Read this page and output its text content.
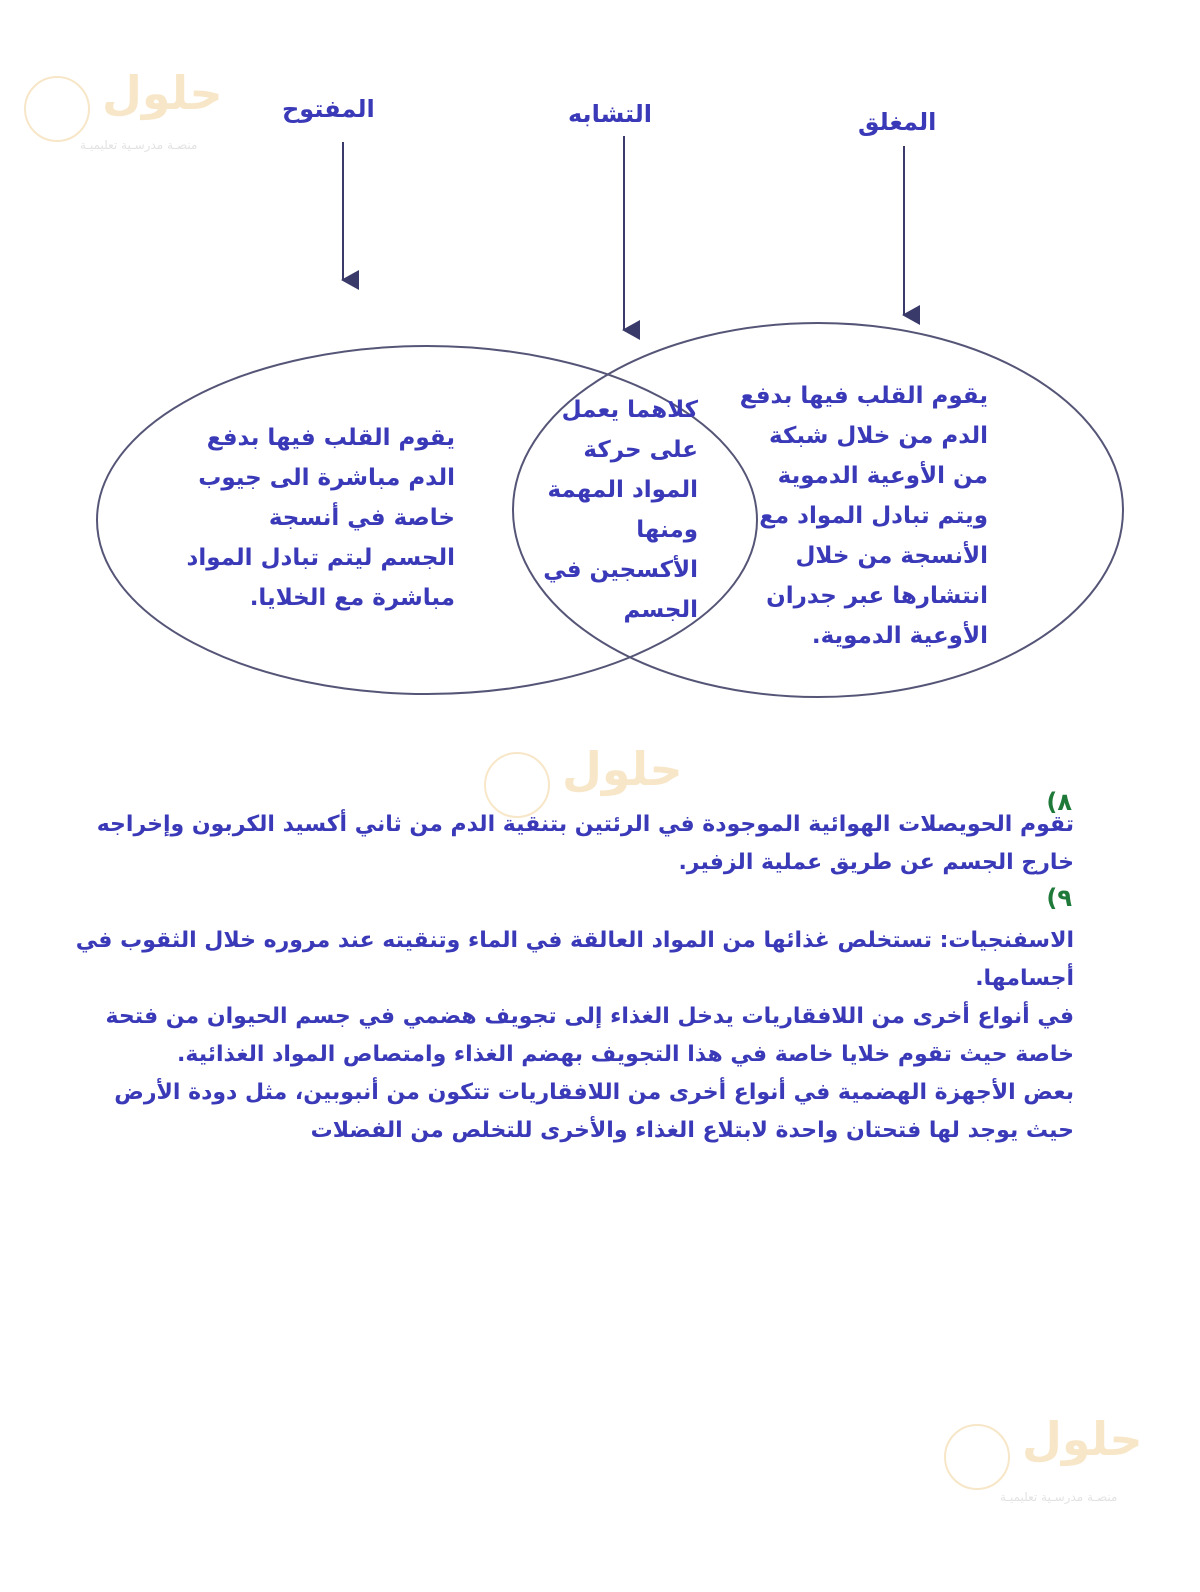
حلول
منصـة مدرسـية تعليميـة
المفتوح	التشابه	المغلق
يقوم القلب فيها بدفع
الدم من خلال شبكة
من الأوعية الدموية
ويتم تبادل المواد مع
الأنسجة من خلال
انتشارها عبر جدران
الأوعية الدموية.
كلاهما يعمل
على حركة
المواد المهمة
ومنها
الأكسجين في
الجسم
يقوم القلب فيها بدفع
الدم مباشرة الى جيوب
خاصة في أنسجة
الجسم ليتم تبادل المواد
مباشرة مع الخلايا.
حلول
٨)
تقوم الحويصلات الهوائية الموجودة في الرئتين بتنقية الدم من ثاني أكسيد الكربون وإخراجه
خارج الجسم عن طريق عملية الزفير.
٩)
الاسفنجيات: تستخلص غذائها من المواد العالقة في الماء وتنقيته عند مروره خلال الثقوب في
أجسامها.
في أنواع أخرى من اللافقاريات يدخل الغذاء إلى تجويف هضمي في جسم الحيوان من فتحة
خاصة حيث تقوم خلايا خاصة في هذا التجويف بهضم الغذاء وامتصاص المواد الغذائية.
بعض الأجهزة الهضمية في أنواع أخرى من اللافقاريات تتكون من أنبوبين، مثل دودة الأرض
حيث يوجد لها فتحتان واحدة لابتلاع الغذاء والأخرى للتخلص من الفضلات
حلول
منصـة مدرسـية تعليميـة
